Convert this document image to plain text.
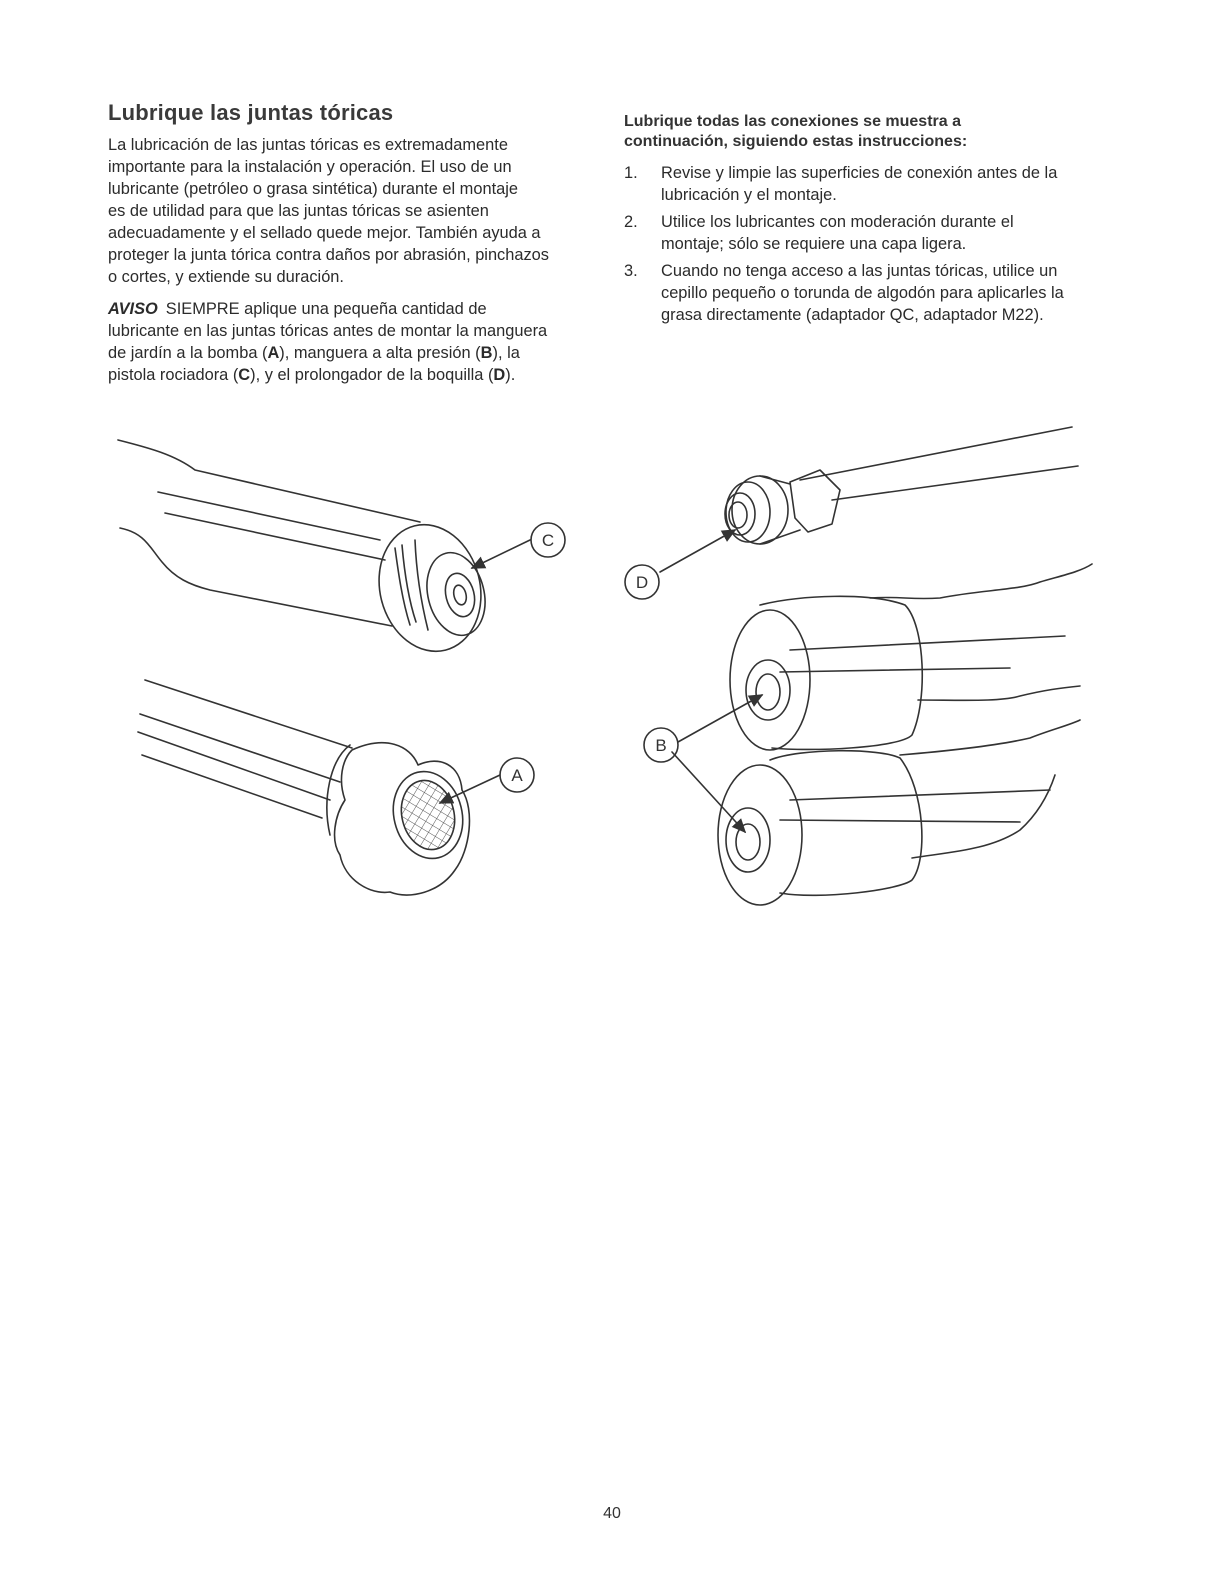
Lubrique las juntas tóricas

La lubricación de las juntas tóricas es extremadamente
importante para la instalación y operación. El uso de un
lubricante (petróleo o grasa sintética) durante el montaje
es de utilidad para que las juntas tóricas se asienten
adecuadamente y el sellado quede mejor. También ayuda a
proteger la junta tórica contra daños por abrasión, pinchazos
o cortes, y extiende su duración.

AVISO SIEMPRE aplique una pequeña cantidad de
lubricante en las juntas tóricas antes de montar la manguera
de jardín a la bomba (A), manguera a alta presión (B), la
pistola rociadora (C), y el prolongador de la boquilla (D).

Lubrique todas las conexiones se muestra a
continuación, siguiendo estas instrucciones:
1. Revise y limpie las superficies de conexión antes de la
lubricación y el montaje.
2. Utilice los lubricantes con moderación durante el
montaje; sólo se requiere una capa ligera.
3. Cuando no tenga acceso a las juntas tóricas, utilice un
cepillo pequeño o torunda de algodón para aplicarles la
grasa directamente (adaptador QC, adaptador M22).
C
A
D
B
40
